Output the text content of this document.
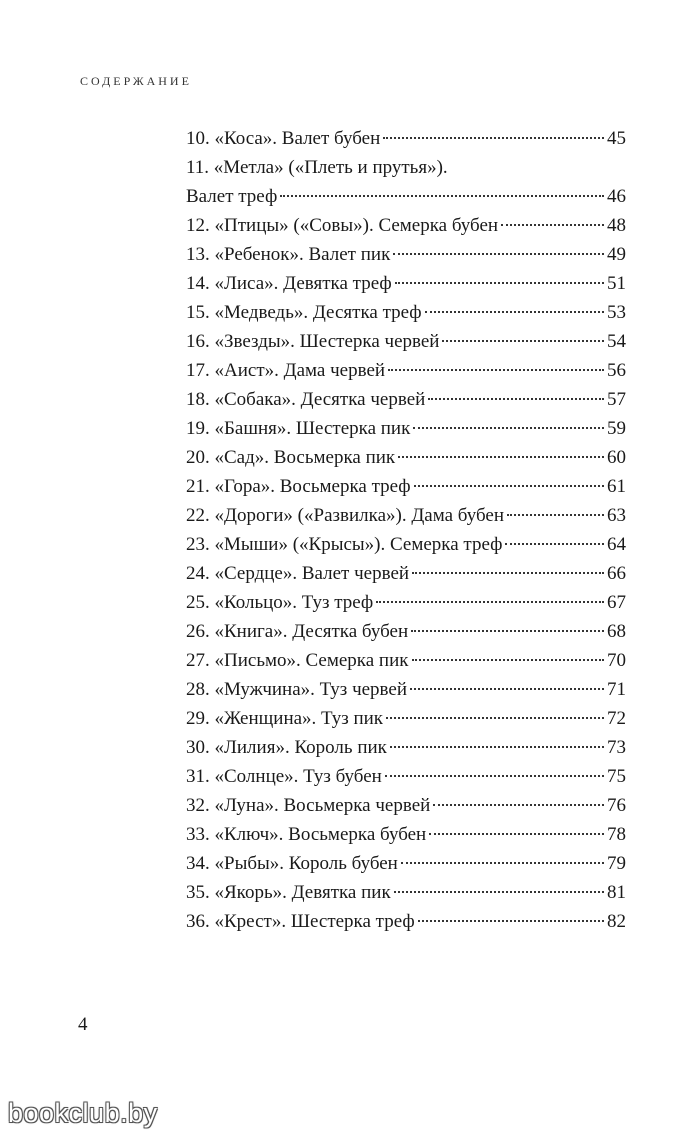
СОДЕРЖАНИЕ
10. «Коса». Валет бубен	45
11. «Метла» («Плеть и прутья»).
Валет треф	46
12. «Птицы» («Совы»). Семерка бубен	48
13. «Ребенок». Валет пик	49
14. «Лиса». Девятка треф	51
15. «Медведь». Десятка треф	53
16. «Звезды». Шестерка червей	54
17. «Аист». Дама червей	56
18. «Собака». Десятка червей	57
19. «Башня». Шестерка пик	59
20. «Сад». Восьмерка пик	60
21. «Гора». Восьмерка треф	61
22. «Дороги» («Развилка»). Дама бубен	63
23. «Мыши» («Крысы»). Семерка треф	64
24. «Сердце». Валет червей	66
25. «Кольцо». Туз треф	67
26. «Книга». Десятка бубен	68
27. «Письмо». Семерка пик	70
28. «Мужчина». Туз червей	71
29. «Женщина». Туз пик	72
30. «Лилия». Король пик	73
31. «Солнце». Туз бубен	75
32. «Луна». Восьмерка червей	76
33. «Ключ». Восьмерка бубен	78
34. «Рыбы». Король бубен	79
35. «Якорь». Девятка пик	81
36. «Крест». Шестерка треф	82
4
bookclub.by
